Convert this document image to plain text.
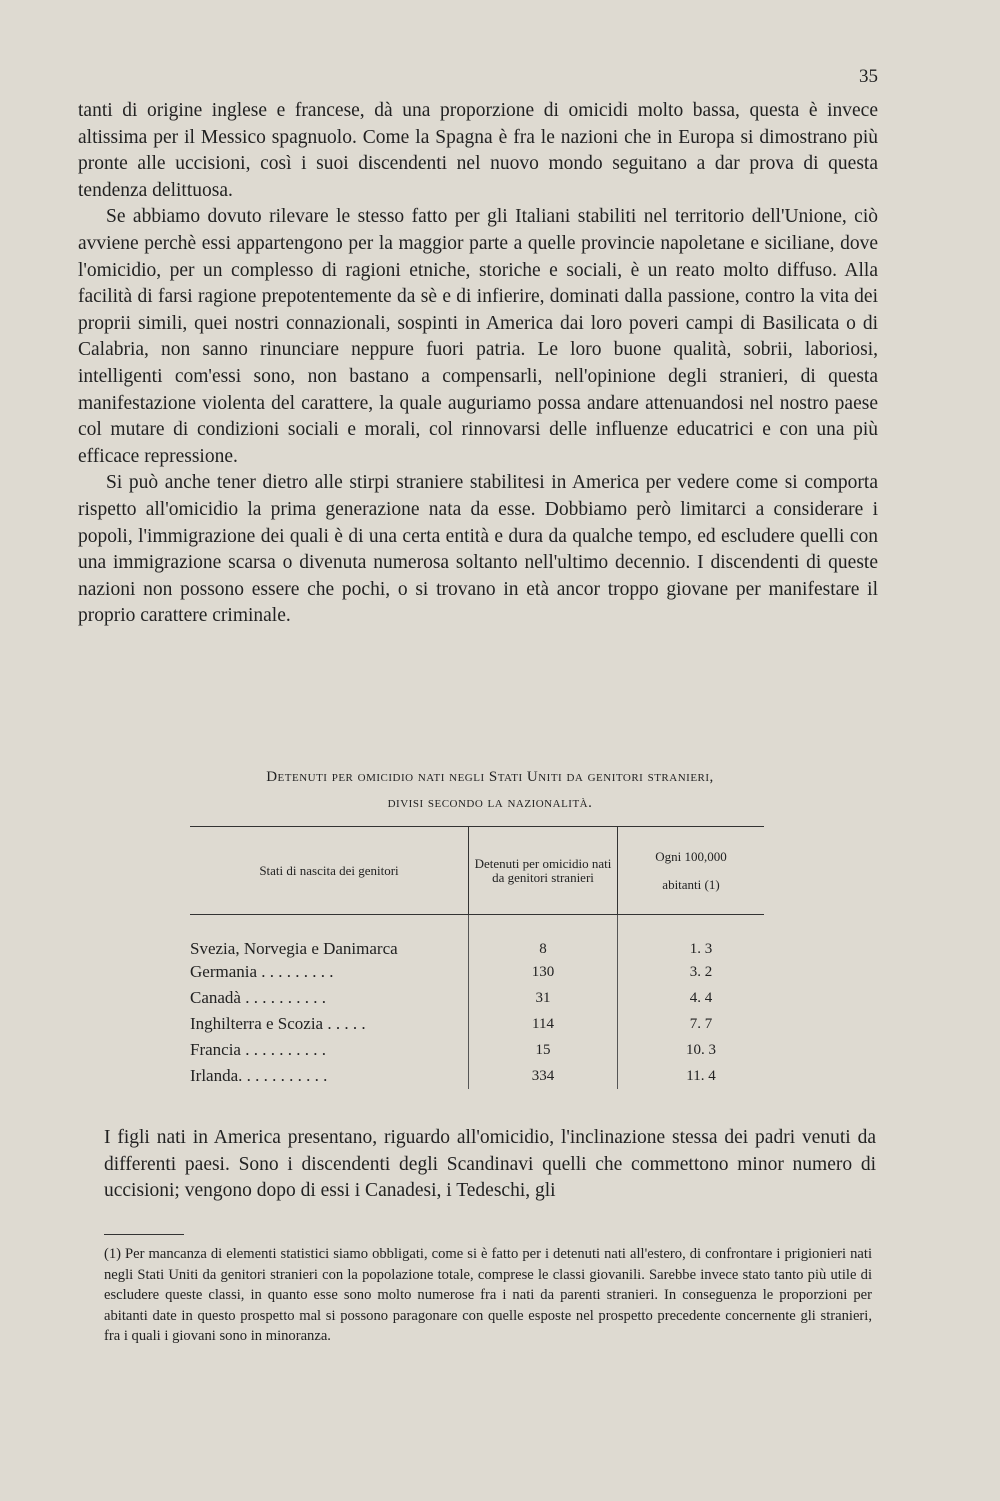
35

tanti di origine inglese e francese, dà una proporzione di omicidi molto bassa, questa è invece altissima per il Messico spagnuolo. Come la Spagna è fra le nazioni che in Europa si dimostrano più pronte alle uccisioni, così i suoi discendenti nel nuovo mondo seguitano a dar prova di questa tendenza delittuosa.

Se abbiamo dovuto rilevare le stesso fatto per gli Italiani stabiliti nel territorio dell'Unione, ciò avviene perchè essi appartengono per la maggior parte a quelle provincie napoletane e siciliane, dove l'omicidio, per un complesso di ragioni etniche, storiche e sociali, è un reato molto diffuso. Alla facilità di farsi ragione prepotentemente da sè e di infierire, dominati dalla passione, contro la vita dei proprii simili, quei nostri connazionali, sospinti in America dai loro poveri campi di Basilicata o di Calabria, non sanno rinunciare neppure fuori patria. Le loro buone qualità, sobrii, laboriosi, intelligenti com'essi sono, non bastano a compensarli, nell'opinione degli stranieri, di questa manifestazione violenta del carattere, la quale auguriamo possa andare attenuandosi nel nostro paese col mutare di condizioni sociali e morali, col rinnovarsi delle influenze educatrici e con una più efficace repressione.

Si può anche tener dietro alle stirpi straniere stabilitesi in America per vedere come si comporta rispetto all'omicidio la prima generazione nata da esse. Dobbiamo però limitarci a considerare i popoli, l'immigrazione dei quali è di una certa entità e dura da qualche tempo, ed escludere quelli con una immigrazione scarsa o divenuta numerosa soltanto nell'ultimo decennio. I discendenti di queste nazioni non possono essere che pochi, o si trovano in età ancor troppo giovane per manifestare il proprio carattere criminale.

Detenuti per omicidio nati negli Stati Uniti da genitori stranieri,
divisi secondo la nazionalità.
Stati di nascita dei genitori	Detenuti per omicidio nati da genitori stranieri	Ogni 100,000
abitanti (1)

Svezia, Norvegia e Danimarca	8	1. 3
Germania . . . . . . . . .	130	3. 2
Canadà . . . . . . . . . .	31	4. 4
Inghilterra e Scozia . . . . .	114	7. 7
Francia . . . . . . . . . .	15	10. 3
Irlanda. . . . . . . . . . .	334	11. 4

I figli nati in America presentano, riguardo all'omicidio, l'inclinazione stessa dei padri venuti da differenti paesi. Sono i discendenti degli Scandinavi quelli che commettono minor numero di uccisioni; vengono dopo di essi i Canadesi, i Tedeschi, gli

(1) Per mancanza di elementi statistici siamo obbligati, come si è fatto per i detenuti nati all'estero, di confrontare i prigionieri nati negli Stati Uniti da genitori stranieri con la popolazione totale, comprese le classi giovanili. Sarebbe invece stato tanto più utile di escludere queste classi, in quanto esse sono molto numerose fra i nati da parenti stranieri. In conseguenza le proporzioni per abitanti date in questo prospetto mal si possono paragonare con quelle esposte nel prospetto precedente concernente gli stranieri, fra i quali i giovani sono in minoranza.
